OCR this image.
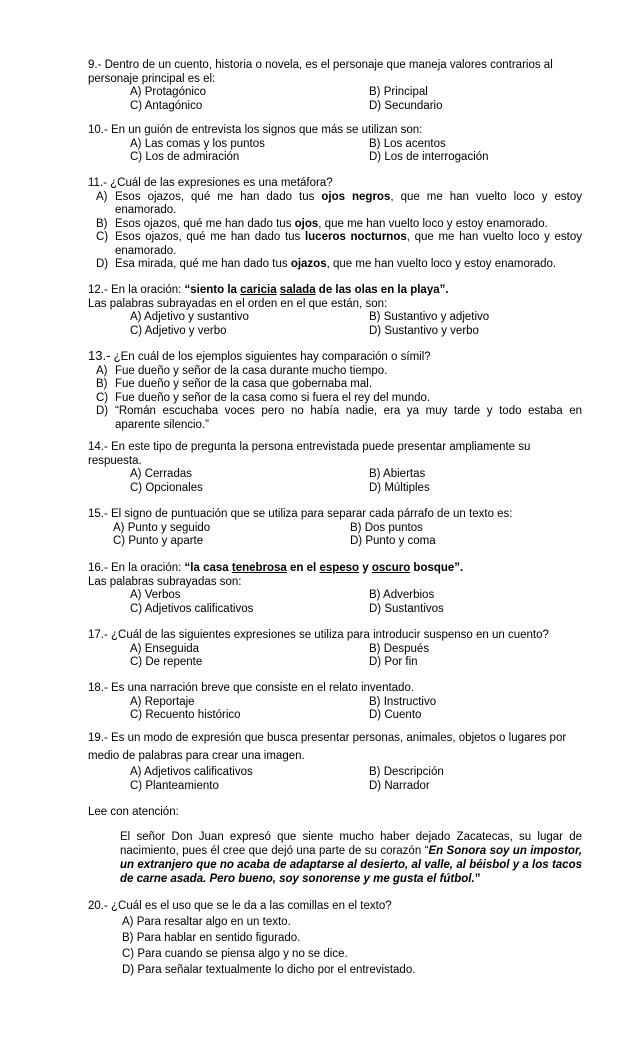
9.- Dentro de un cuento, historia o novela, es el personaje que maneja valores contrarios al personaje principal es el:
A) Protagónico	B) Principal
C) Antagónico	D) Secundario
10.- En un guión de entrevista los signos que más se utilizan son:
A) Las comas y los puntos	B) Los acentos
C) Los de admiración	D) Los de interrogación
11.- ¿Cuál de las expresiones es una metáfora?
A) Esos ojazos, qué me han dado tus ojos negros, que me han vuelto loco y estoy enamorado.
B) Esos ojazos, qué me han dado tus ojos, que me han vuelto loco y estoy enamorado.
C) Esos ojazos, qué me han dado tus luceros nocturnos, que me han vuelto loco y estoy enamorado.
D) Esa mirada, qué me han dado tus ojazos, que me han vuelto loco y estoy enamorado.
12.- En la oración: “siento la caricia salada de las olas en la playa”.
Las palabras subrayadas en el orden en el que están, son:
A) Adjetivo y sustantivo	B) Sustantivo y adjetivo
C) Adjetivo y verbo	D) Sustantivo y verbo
13.- ¿En cuál de los ejemplos siguientes hay comparación o símil?
A) Fue dueño y señor de la casa durante mucho tiempo.
B) Fue dueño y señor de la casa que gobernaba mal.
C) Fue dueño y señor de la casa como si fuera el rey del mundo.
D) “Román escuchaba voces pero no había nadie, era ya muy tarde y todo estaba en aparente silencio.”
14.- En este tipo de pregunta la persona entrevistada puede presentar ampliamente su respuesta.
A) Cerradas	B) Abiertas
C) Opcionales	D) Múltiples
15.- El signo de puntuación que se utiliza para separar cada párrafo de un texto es:
A) Punto y seguido	B) Dos puntos
C) Punto y aparte	D) Punto y coma
16.- En la oración: “la casa tenebrosa en el espeso y oscuro bosque”.
Las palabras subrayadas son:
A) Verbos	B) Adverbios
C) Adjetivos calificativos	D) Sustantivos
17.- ¿Cuál de las siguientes expresiones se utiliza para introducir suspenso en un cuento?
A) Enseguida	B) Después
C) De repente	D) Por fin
18.- Es una narración breve que consiste en el relato inventado.
A) Reportaje	B) Instructivo
C) Recuento histórico	D) Cuento
19.- Es un modo de expresión que busca presentar personas, animales, objetos o lugares por
medio de palabras para crear una imagen.
A) Adjetivos calificativos	B) Descripción
C) Planteamiento	D) Narrador
Lee con atención:
El señor Don Juan expresó que siente mucho haber dejado Zacatecas, su lugar de nacimiento, pues él cree que dejó una parte de su corazón “En Sonora soy un impostor, un extranjero que no acaba de adaptarse al desierto, al valle, al béisbol y a los tacos de carne asada. Pero bueno, soy sonorense y me gusta el fútbol.”
20.- ¿Cuál es el uso que se le da a las comillas en el texto?
A) Para resaltar algo en un texto.
B) Para hablar en sentido figurado.
C) Para cuando se piensa algo y no se dice.
D) Para señalar textualmente lo dicho por el entrevistado.
